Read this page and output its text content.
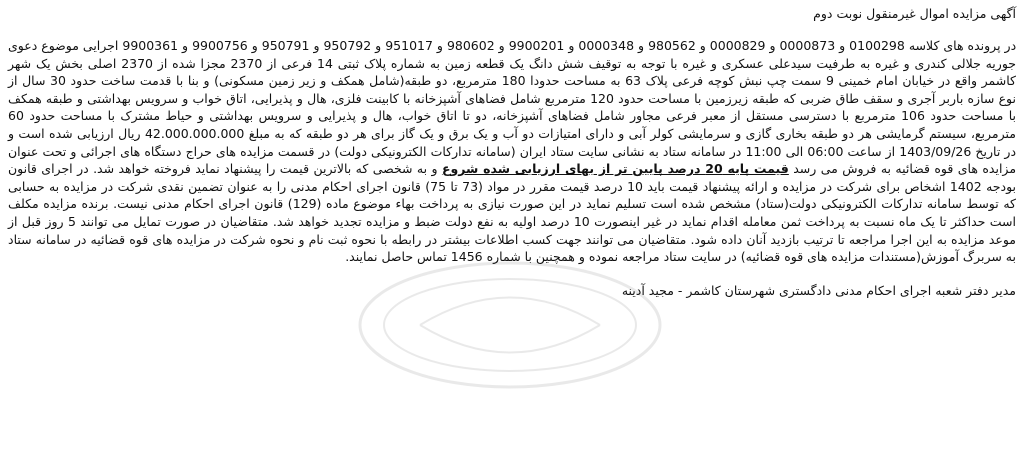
آگهی مزایده اموال غیرمنقول نوبت دوم

در پرونده های کلاسه 0100298 و 0000873 و 0000829 و 980562 و 0000348 و 9900201 و 980602 و 951017 و 950792 و 950791 و 9900756 و 9900361 اجرایی موضوع دعوی جوریه جلالی کندری و غیره به طرفیت سیدعلی عسکری و غیره با توجه به توقیف شش دانگ یک قطعه زمین به شماره پلاک ثبتی 14 فرعی از 2370 مجزا شده از 2370 اصلی بخش یک شهر کاشمر واقع در خیابان امام خمینی 9 سمت چپ نبش کوچه فرعی پلاک 63 به مساحت حدودا 180 مترمربع، دو طبقه(شامل همکف و زیر زمین مسکونی) و بنا با قدمت ساخت حدود 30 سال از نوع سازه باربر آجری و سقف طاق ضربی که طبقه زیرزمین با مساحت حدود 120 مترمربع شامل فضاهای آشپزخانه با کابینت فلزی، هال و پذیرایی، اتاق خواب و سرویس بهداشتی و طبقه همکف با مساحت حدود 106 مترمربع با دسترسی مستقل از معبر فرعی مجاور شامل فضاهای آشپزخانه، دو تا اتاق خواب، هال و پذیرایی و سرویس بهداشتی و حیاط مشترک با مساحت حدود 60 مترمربع، سیستم گرمایشی هر دو طبقه بخاری گازی و سرمایشی کولر آبی و دارای امتیازات دو آب و یک برق و یک گاز برای هر دو طبقه که به مبلغ 42.000.000.000 ریال ارزیابی شده است و در تاریخ 1403/09/26 از ساعت 06:00 الی 11:00 در سامانه ستاد به نشانی سایت ستاد ایران (سامانه تدارکات الکترونیکی دولت) در قسمت مزایده های حراج دستگاه های اجرائی و تحت عنوان مزایده های قوه قضائیه به فروش می رسد قیمت پایه 20 درصد پایین تر از بهای ارزیابی شده شروع و به شخصی که بالاترین قیمت را پیشنهاد نماید فروخته خواهد شد. در اجرای قانون بودجه 1402 اشخاص برای شرکت در مزایده و ارائه پیشنهاد قیمت باید 10 درصد قیمت مقرر در مواد (73 تا 75) قانون اجرای احکام مدنی را به عنوان تضمین نقدی شرکت در مزایده به حسابی که توسط سامانه تدارکات الکترونیکی دولت(ستاد) مشخص شده است تسلیم نماید در این صورت نیازی به پرداخت بهاء موضوع ماده (129) قانون اجرای احکام مدنی نیست. برنده مزایده مکلف است حداکثر تا یک ماه نسبت به پرداخت ثمن معامله اقدام نماید در غیر اینصورت 10 درصد اولیه به نفع دولت ضبط و مزایده تجدید خواهد شد. متقاضیان در صورت تمایل می توانند 5 روز قبل از موعد مزایده به این اجرا مراجعه تا ترتیب بازدید آنان داده شود. متقاضیان می توانند جهت کسب اطلاعات بیشتر در رابطه با نحوه ثبت نام و نحوه شرکت در مزایده های قوه قضائیه در سامانه ستاد به سربرگ آموزش(مستندات مزایده های قوه قضائیه) در سایت ستاد مراجعه نموده و همچنین با شماره 1456 تماس حاصل نمایند.

مدیر دفتر شعبه اجرای احکام مدنی دادگستری شهرستان کاشمر - مجید آدینه
